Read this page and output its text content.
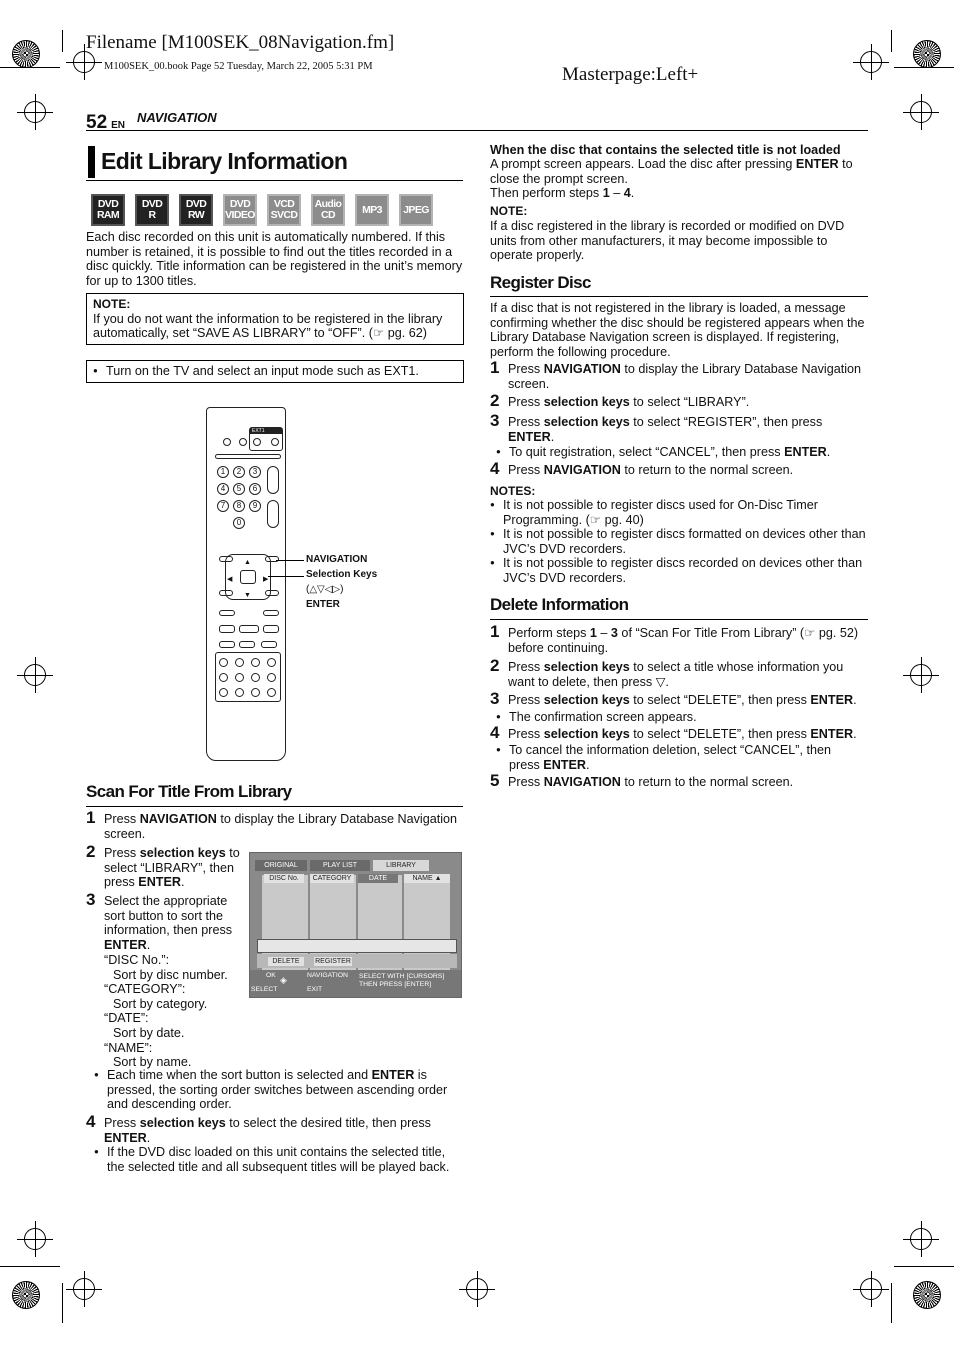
Filename [M100SEK_08Navigation.fm]
M100SEK_00.book Page 52 Tuesday, March 22, 2005 5:31 PM	Masterpage:Left+
52 EN
NAVIGATION
Edit Library Information
DVD
RAM
DVD
R
DVD
RW
DVD
VIDEO
VCD
SVCD
Audio
CD	MP3	JPEG
Each disc recorded on this unit is automatically numbered. If this number is retained, it is possible to find out the titles recorded in a disc quickly. Title information can be registered in the unit’s memory for up to 1300 titles.
NOTE:
If you do not want the information to be registered in the library automatically, set “SAVE AS LIBRARY” to “OFF”. (☞ pg. 62)
● Turn on the TV and select an input mode such as EXT1.
EXT1
1	2	3
4	5	6
7	8	9
0
▲
▼
◀	▶
NAVIGATION
Selection Keys
(△▽◁▷)
ENTER
Scan For Title From Library
1 Press NAVIGATION to display the Library Database Navigation screen.
2 Press selection keys to select “LIBRARY”, then press ENTER.
3 Select the appropriate sort button to sort the information, then press ENTER.
“DISC No.”:
Sort by disc number.
“CATEGORY”:
Sort by category.
“DATE”:
Sort by date.
“NAME”:
Sort by name.
● Each time when the sort button is selected and ENTER is pressed, the sorting order switches between ascending order and descending order.
4 Press selection keys to select the desired title, then press ENTER.
● If the DVD disc loaded on this unit contains the selected title, the selected title and all subsequent titles will be played back.
ORIGINAL	PLAY LIST	LIBRARY
DISC No.	CATEGORY	DATE	NAME ▲
DELETE	REGISTER
OK
SELECT
◈	NAVIGATION
EXIT
SELECT WITH [CURSORS]
THEN PRESS [ENTER]
When the disc that contains the selected title is not loaded
A prompt screen appears. Load the disc after pressing ENTER to close the prompt screen.
Then perform steps 1 – 4.
NOTE:
If a disc registered in the library is recorded or modified on DVD units from other manufacturers, it may become impossible to operate properly.
Register Disc
If a disc that is not registered in the library is loaded, a message confirming whether the disc should be registered appears when the Library Database Navigation screen is displayed. If registering, perform the following procedure.
1 Press NAVIGATION to display the Library Database Navigation screen.
2 Press selection keys to select “LIBRARY”.
3 Press selection keys to select “REGISTER”, then press ENTER.
● To quit registration, select “CANCEL”, then press ENTER.
4 Press NAVIGATION to return to the normal screen.
NOTES:
● It is not possible to register discs used for On-Disc Timer Programming. (☞ pg. 40)
● It is not possible to register discs formatted on devices other than JVC’s DVD recorders.
● It is not possible to register discs recorded on devices other than JVC’s DVD recorders.
Delete Information
1 Perform steps 1 – 3 of “Scan For Title From Library” (☞ pg. 52) before continuing.
2 Press selection keys to select a title whose information you want to delete, then press ▽.
3 Press selection keys to select “DELETE”, then press ENTER.
● The confirmation screen appears.
4 Press selection keys to select “DELETE”, then press ENTER.
● To cancel the information deletion, select “CANCEL”, then press ENTER.
5 Press NAVIGATION to return to the normal screen.
